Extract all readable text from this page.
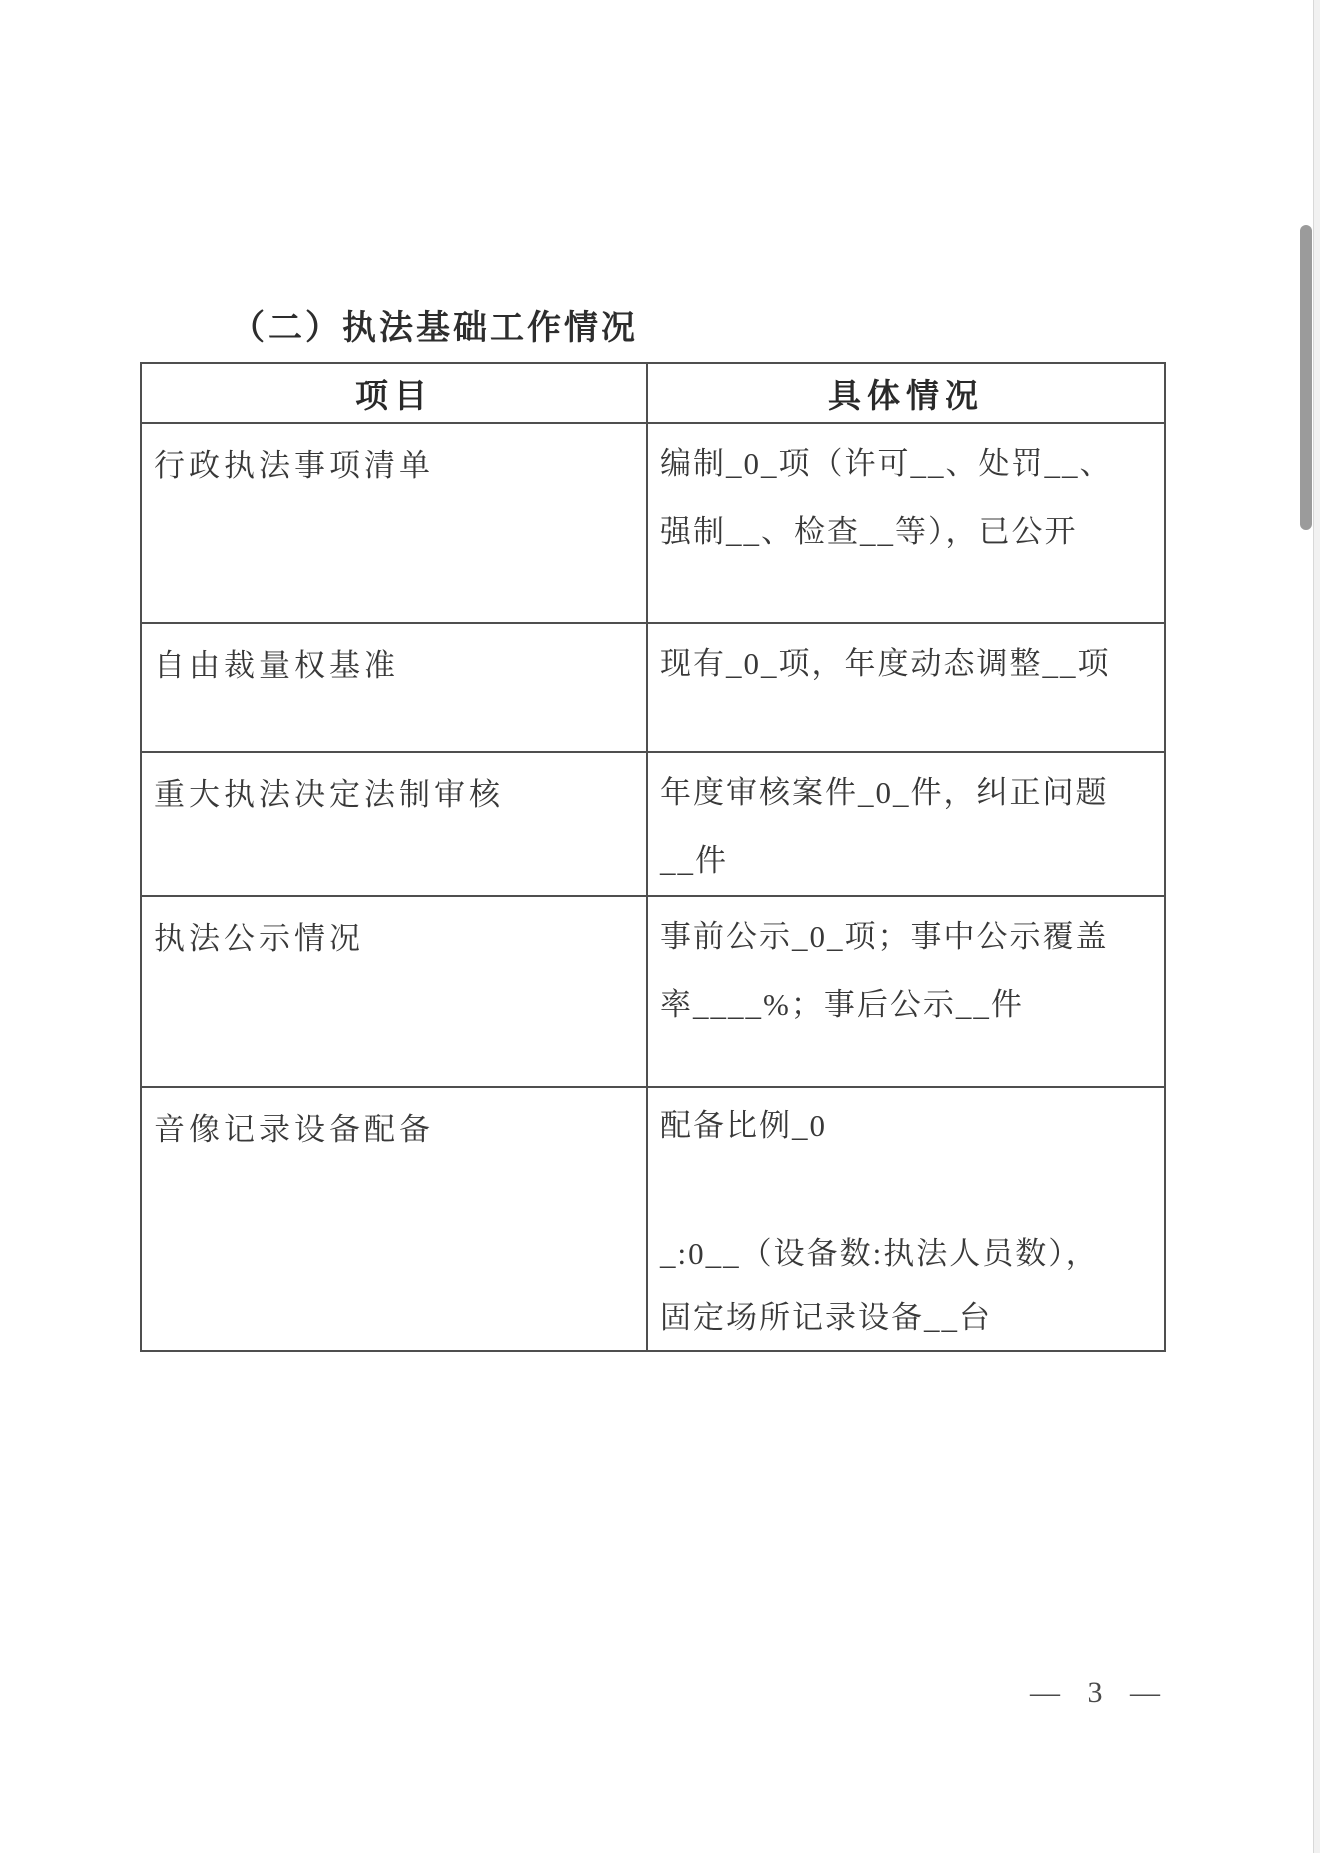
（二）执法基础工作情况
项目	具体情况

行政执法事项清单	编制_0_项（许可__、处罚__、
强制__、检查__等），已公开

自由裁量权基准	现有_0_项，年度动态调整__项

重大执法决定法制审核	年度审核案件_0_件，纠正问题
__件

执法公示情况	事前公示_0_项；事中公示覆盖
率____%；事后公示__件

音像记录设备配备	配备比例_0
_:0__（设备数:执法人员数），
固定场所记录设备__台
— 3 —
